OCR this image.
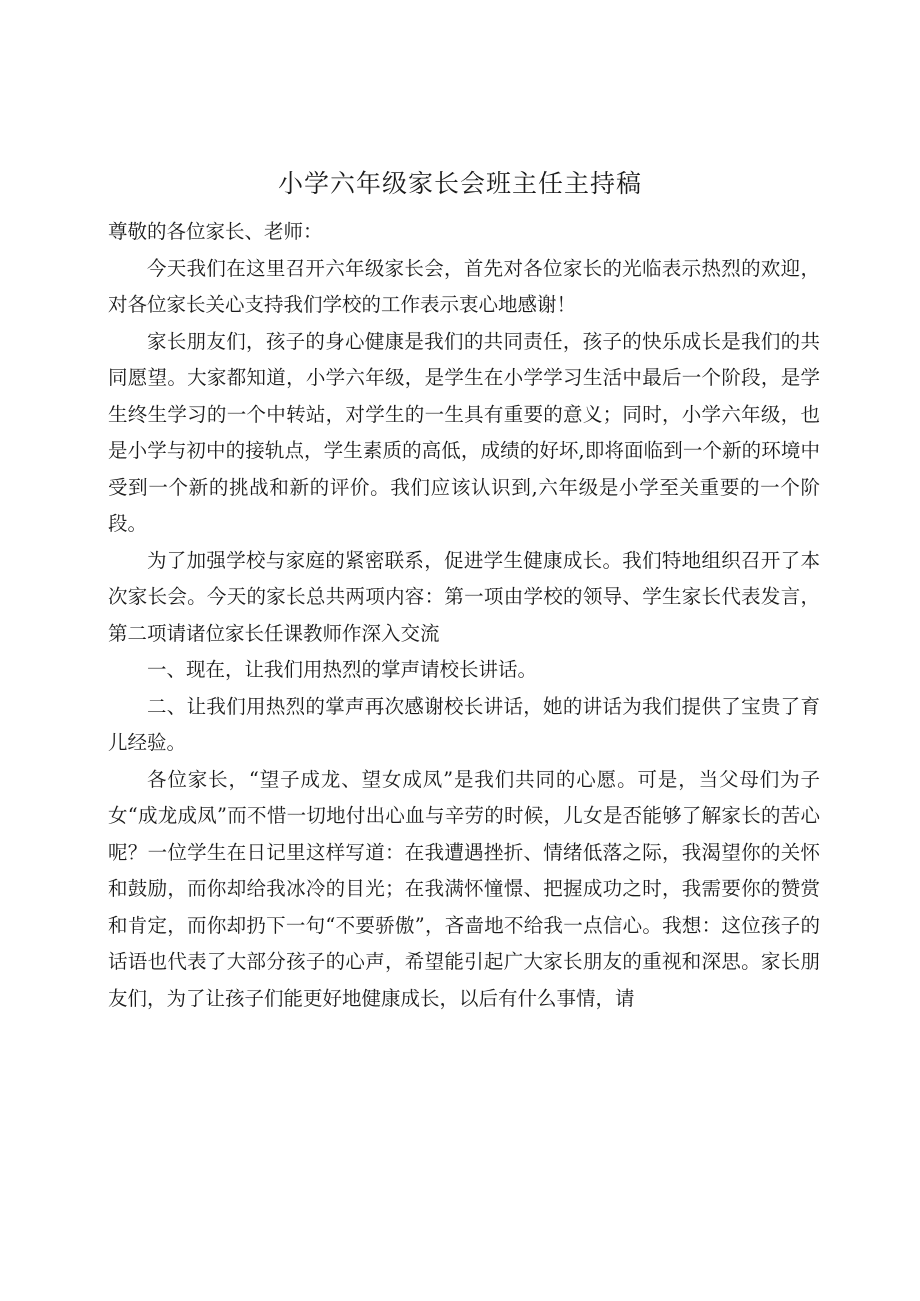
小学六年级家长会班主任主持稿

尊敬的各位家长、老师：

今天我们在这里召开六年级家长会，首先对各位家长的光临表示热烈的欢迎，对各位家长关心支持我们学校的工作表示衷心地感谢！

家长朋友们，孩子的身心健康是我们的共同责任，孩子的快乐成长是我们的共同愿望。大家都知道，小学六年级，是学生在小学学习生活中最后一个阶段，是学生终生学习的一个中转站，对学生的一生具有重要的意义；同时，小学六年级，也是小学与初中的接轨点，学生素质的高低，成绩的好坏,即将面临到一个新的环境中受到一个新的挑战和新的评价。我们应该认识到,六年级是小学至关重要的一个阶段。

为了加强学校与家庭的紧密联系，促进学生健康成长。我们特地组织召开了本次家长会。今天的家长总共两项内容：第一项由学校的领导、学生家长代表发言，第二项请诸位家长任课教师作深入交流

一、现在，让我们用热烈的掌声请校长讲话。

二、让我们用热烈的掌声再次感谢校长讲话，她的讲话为我们提供了宝贵了育儿经验。

各位家长，“望子成龙、望女成凤”是我们共同的心愿。可是，当父母们为子女“成龙成凤”而不惜一切地付出心血与辛劳的时候，儿女是否能够了解家长的苦心呢？一位学生在日记里这样写道：在我遭遇挫折、情绪低落之际，我渴望你的关怀和鼓励，而你却给我冰冷的目光；在我满怀憧憬、把握成功之时，我需要你的赞赏和肯定，而你却扔下一句“不要骄傲”，吝啬地不给我一点信心。我想：这位孩子的话语也代表了大部分孩子的心声，希望能引起广大家长朋友的重视和深思。家长朋友们，为了让孩子们能更好地健康成长，以后有什么事情，请
